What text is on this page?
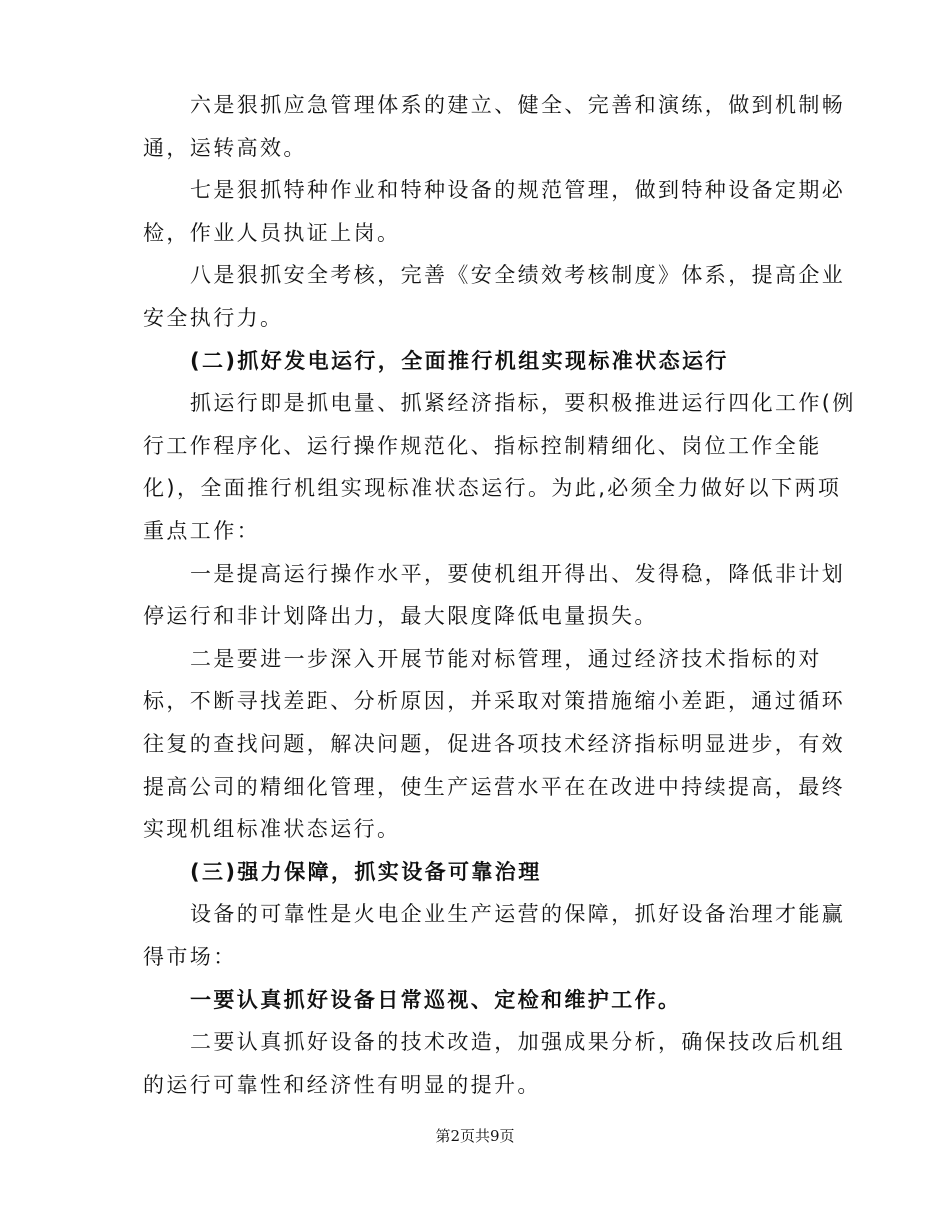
六是狠抓应急管理体系的建立、健全、完善和演练，做到机制畅
通，运转高效。
七是狠抓特种作业和特种设备的规范管理，做到特种设备定期必
检，作业人员执证上岗。
八是狠抓安全考核，完善《安全绩效考核制度》体系，提高企业
安全执行力。
(二)抓好发电运行，全面推行机组实现标准状态运行
抓运行即是抓电量、抓紧经济指标，要积极推进运行四化工作(例
行工作程序化、运行操作规范化、指标控制精细化、岗位工作全能
化)，全面推行机组实现标准状态运行。为此,必须全力做好以下两项
重点工作：
一是提高运行操作水平，要使机组开得出、发得稳，降低非计划
停运行和非计划降出力，最大限度降低电量损失。
二是要进一步深入开展节能对标管理，通过经济技术指标的对
标，不断寻找差距、分析原因，并采取对策措施缩小差距，通过循环
往复的查找问题，解决问题，促进各项技术经济指标明显进步，有效
提高公司的精细化管理，使生产运营水平在在改进中持续提高，最终
实现机组标准状态运行。
(三)强力保障，抓实设备可靠治理
设备的可靠性是火电企业生产运营的保障，抓好设备治理才能赢
得市场：
一要认真抓好设备日常巡视、定检和维护工作。
二要认真抓好设备的技术改造，加强成果分析，确保技改后机组
的运行可靠性和经济性有明显的提升。
第2页共9页
